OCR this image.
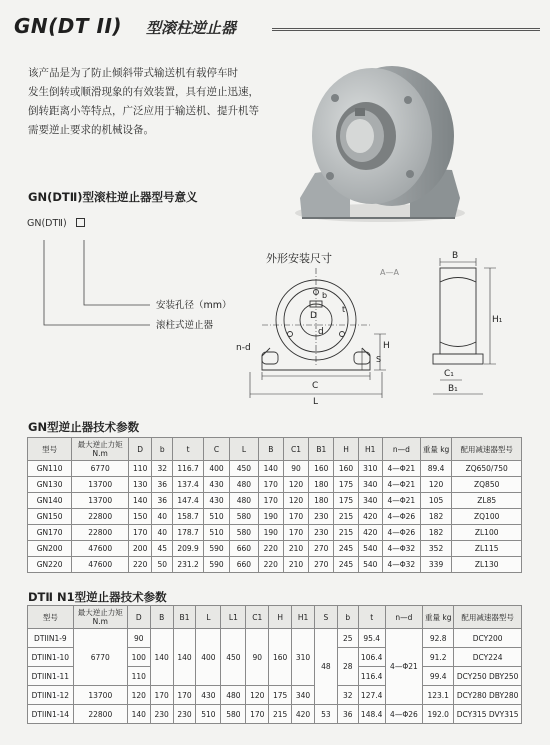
GN(DT II) 型滚柱逆止器

该产品是为了防止倾斜带式输送机有载停车时

发生倒转或顺滑现象的有效装置，具有逆止迅速，

倒转距离小等特点，广泛应用于输送机、提升机等

需要逆止要求的机械设备。

GN(DTⅡ)型滚柱逆止器型号意义
GN(DTⅡ)
安装孔径（mm）
滚柱式逆止器
外形安装尺寸
D
d
b
t
n-d
C
L
H
S
B
H₁
C₁
B₁
A—A
GN型逆止器技术参数
型号	最大逆止力矩 N.m	D	b	t	C	L	B	C1	B1	H	H1	n—d	重量 kg	配用减速器型号
GN110	6770	110	32	116.7	400	450	140	90	160	160	310	4—Φ21	89.4	ZQ650/750
GN130	13700	130	36	137.4	430	480	170	120	180	175	340	4—Φ21	120	ZQ850
GN140	13700	140	36	147.4	430	480	170	120	180	175	340	4—Φ21	105	ZL85
GN150	22800	150	40	158.7	510	580	190	170	230	215	420	4—Φ26	182	ZQ100
GN170	22800	170	40	178.7	510	580	190	170	230	215	420	4—Φ26	182	ZL100
GN200	47600	200	45	209.9	590	660	220	210	270	245	540	4—Φ32	352	ZL115
GN220	47600	220	50	231.2	590	660	220	210	270	245	540	4—Φ32	339	ZL130
DTⅡ N1型逆止器技术参数
型号	最大逆止力矩 N.m	D	B	B1	L	L1	C1	H	H1	S	b	t	n—d	重量 kg	配用减速器型号
DTIIN1-9	6770	90	140	140	400	450	90	160	310	48	25	95.4	4—Φ21	92.8	DCY200
DTIIN1-10		100									28	106.4		91.2	DCY224
DTIIN1-11		110										116.4		99.4	DCY250 DBY250
DTIIN1-12	13700	120	170	170	430	480	120	175	340		32	127.4		123.1	DCY280 DBY280
DTIIN1-14	22800	140	230	230	510	580	170	215	420	53	36	148.4	4—Φ26	192.0	DCY315 DVY315
